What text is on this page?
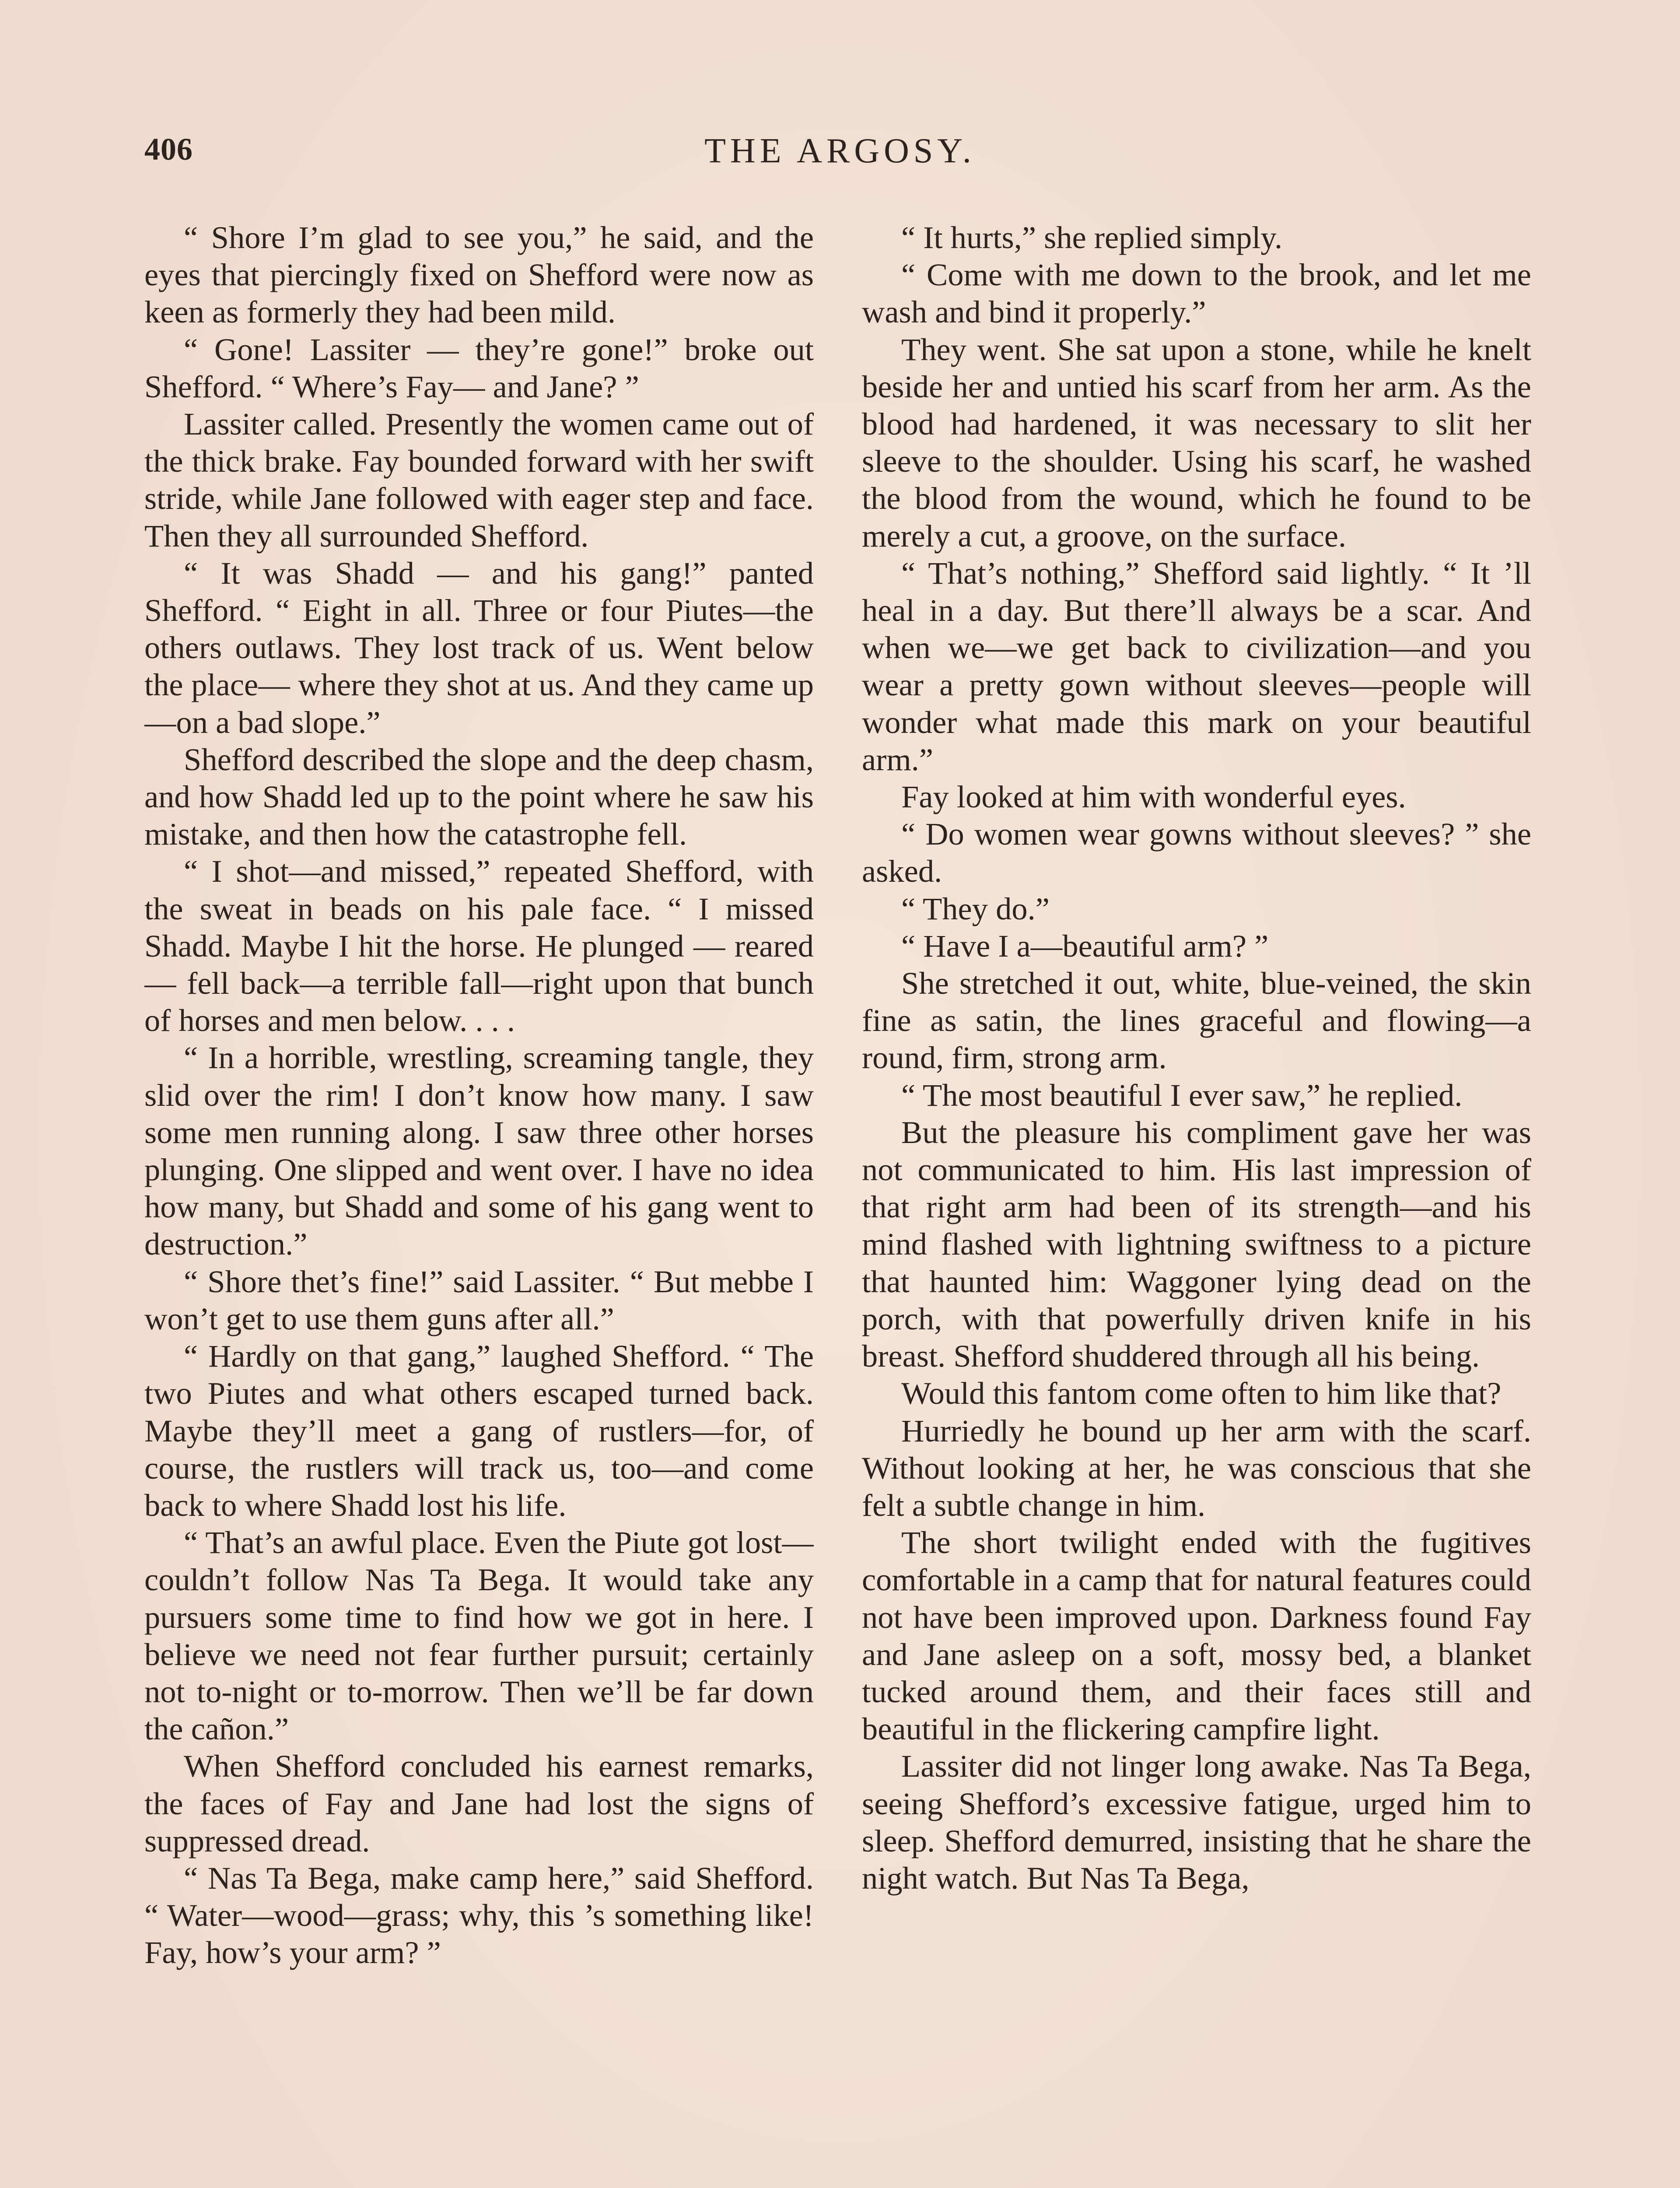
406	THE ARGOSY.

“ Shore I’m glad to see you,” he said, and the eyes that piercingly fixed on Shefford were now as keen as formerly they had been mild.

“ Gone! Lassiter — they’re gone!” broke out Shefford. “ Where’s Fay— and Jane? ”

Lassiter called. Presently the women came out of the thick brake. Fay bounded forward with her swift stride, while Jane followed with eager step and face. Then they all surrounded Shefford.

“ It was Shadd — and his gang!” panted Shefford. “ Eight in all. Three or four Piutes—the others outlaws. They lost track of us. Went below the place— where they shot at us. And they came up—on a bad slope.”

Shefford described the slope and the deep chasm, and how Shadd led up to the point where he saw his mistake, and then how the catastrophe fell.

“ I shot—and missed,” repeated Shefford, with the sweat in beads on his pale face. “ I missed Shadd. Maybe I hit the horse. He plunged — reared — fell back—a terrible fall—right upon that bunch of horses and men below. . . .

“ In a horrible, wrestling, screaming tangle, they slid over the rim! I don’t know how many. I saw some men running along. I saw three other horses plunging. One slipped and went over. I have no idea how many, but Shadd and some of his gang went to destruction.”

“ Shore thet’s fine!” said Lassiter. “ But mebbe I won’t get to use them guns after all.”

“ Hardly on that gang,” laughed Shefford. “ The two Piutes and what others escaped turned back. Maybe they’ll meet a gang of rustlers—for, of course, the rustlers will track us, too—and come back to where Shadd lost his life.

“ That’s an awful place. Even the Piute got lost—couldn’t follow Nas Ta Bega. It would take any pursuers some time to find how we got in here. I believe we need not fear further pursuit; certainly not to-night or to-morrow. Then we’ll be far down the cañon.”

When Shefford concluded his earnest remarks, the faces of Fay and Jane had lost the signs of suppressed dread.

“ Nas Ta Bega, make camp here,” said Shefford. “ Water—wood—grass; why, this ’s something like! Fay, how’s your arm? ”

“ It hurts,” she replied simply.

“ Come with me down to the brook, and let me wash and bind it properly.”

They went. She sat upon a stone, while he knelt beside her and untied his scarf from her arm. As the blood had hardened, it was necessary to slit her sleeve to the shoulder. Using his scarf, he washed the blood from the wound, which he found to be merely a cut, a groove, on the surface.

“ That’s nothing,” Shefford said lightly. “ It ’ll heal in a day. But there’ll always be a scar. And when we—we get back to civilization—and you wear a pretty gown without sleeves—people will wonder what made this mark on your beautiful arm.”

Fay looked at him with wonderful eyes.

“ Do women wear gowns without sleeves? ” she asked.

“ They do.”

“ Have I a—beautiful arm? ”

She stretched it out, white, blue-veined, the skin fine as satin, the lines graceful and flowing—a round, firm, strong arm.

“ The most beautiful I ever saw,” he replied.

But the pleasure his compliment gave her was not communicated to him. His last impression of that right arm had been of its strength—and his mind flashed with lightning swiftness to a picture that haunted him: Waggoner lying dead on the porch, with that powerfully driven knife in his breast. Shefford shuddered through all his being.

Would this fantom come often to him like that?

Hurriedly he bound up her arm with the scarf. Without looking at her, he was conscious that she felt a subtle change in him.

The short twilight ended with the fugitives comfortable in a camp that for natural features could not have been improved upon. Darkness found Fay and Jane asleep on a soft, mossy bed, a blanket tucked around them, and their faces still and beautiful in the flickering campfire light.

Lassiter did not linger long awake. Nas Ta Bega, seeing Shefford’s excessive fatigue, urged him to sleep. Shefford demurred, insisting that he share the night watch. But Nas Ta Bega,
